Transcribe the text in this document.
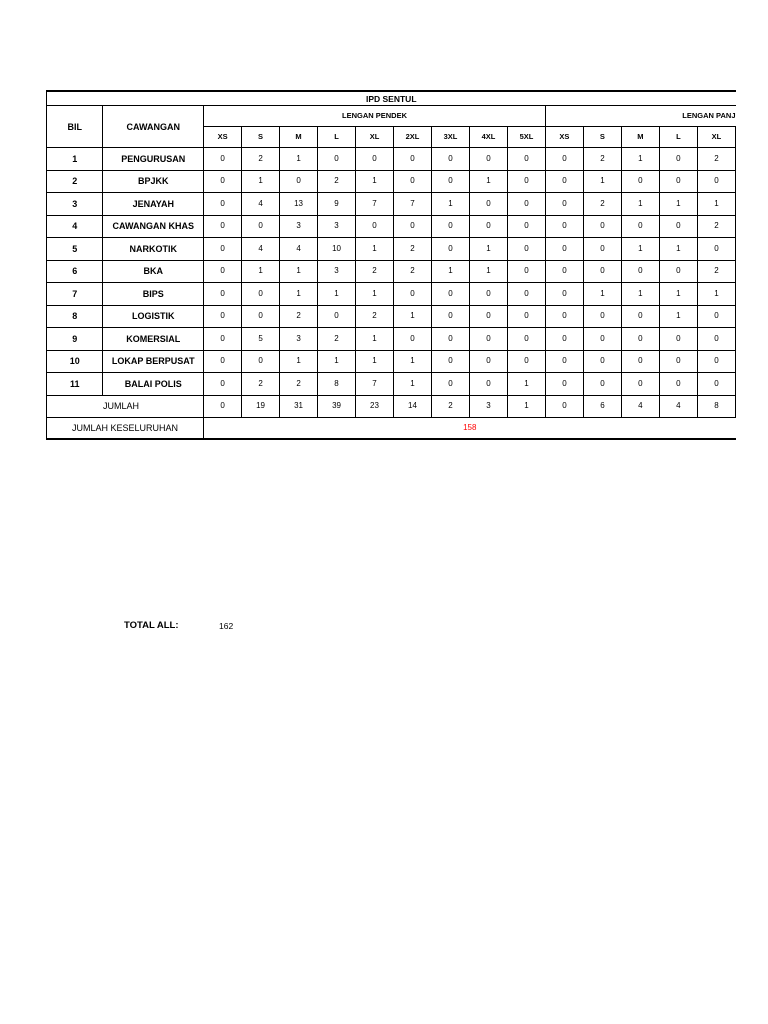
IPD SENTUL															
BIL	CAWANGAN	LENGAN PENDEK									LENGAN PANJ				
		XS	S	M	L	XL	2XL	3XL	4XL	5XL	XS	S	M	L	XL
1	PENGURUSAN	0	2	1	0	0	0	0	0	0	0	2	1	0	2
2	BPJKK	0	1	0	2	1	0	0	1	0	0	1	0	0	0
3	JENAYAH	0	4	13	9	7	7	1	0	0	0	2	1	1	1
4	CAWANGAN KHAS	0	0	3	3	0	0	0	0	0	0	0	0	0	2
5	NARKOTIK	0	4	4	10	1	2	0	1	0	0	0	1	1	0
6	BKA	0	1	1	3	2	2	1	1	0	0	0	0	0	2
7	BIPS	0	0	1	1	1	0	0	0	0	0	1	1	1	1
8	LOGISTIK	0	0	2	0	2	1	0	0	0	0	0	0	1	0
9	KOMERSIAL	0	5	3	2	1	0	0	0	0	0	0	0	0	0
10	LOKAP BERPUSAT	0	0	1	1	1	1	0	0	0	0	0	0	0	0
11	BALAI POLIS	0	2	2	8	7	1	0	0	1	0	0	0	0	0
JUMLAH		0	19	31	39	23	14	2	3	1	0	6	4	4	8
JUMLAH KESELURUHAN		158													
TOTAL ALL:	162
